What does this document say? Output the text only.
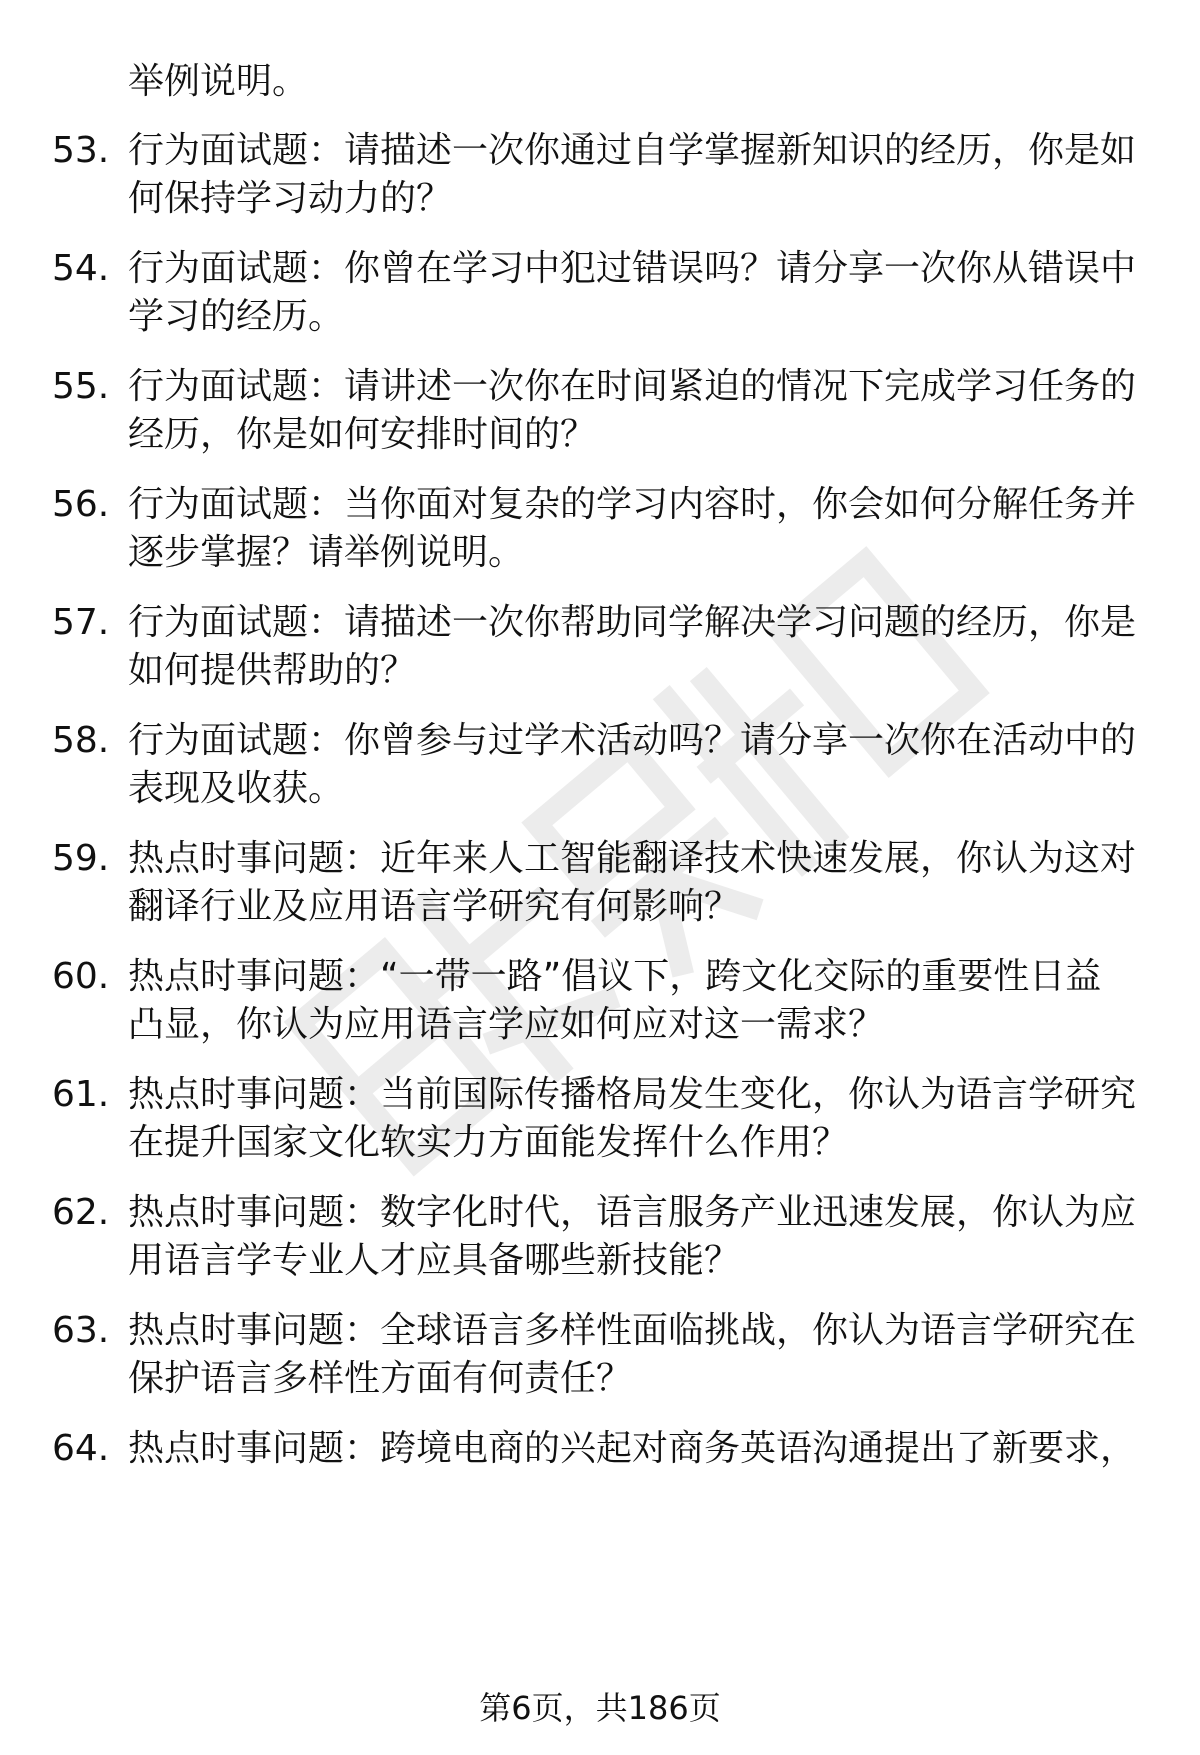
举例说明。

53. 行为面试题：请描述一次你通过自学掌握新知识的经历，你是如
何保持学习动力的？

54. 行为面试题：你曾在学习中犯过错误吗？请分享一次你从错误中
学习的经历。

55. 行为面试题：请讲述一次你在时间紧迫的情况下完成学习任务的
经历，你是如何安排时间的？

56. 行为面试题：当你面对复杂的学习内容时，你会如何分解任务并
逐步掌握？请举例说明。

57. 行为面试题：请描述一次你帮助同学解决学习问题的经历，你是
如何提供帮助的？

58. 行为面试题：你曾参与过学术活动吗？请分享一次你在活动中的
表现及收获。

59. 热点时事问题：近年来人工智能翻译技术快速发展，你认为这对
翻译行业及应用语言学研究有何影响？

60. 热点时事问题：“一带一路”倡议下，跨文化交际的重要性日益
凸显，你认为应用语言学应如何应对这一需求？

61. 热点时事问题：当前国际传播格局发生变化，你认为语言学研究
在提升国家文化软实力方面能发挥什么作用？

62. 热点时事问题：数字化时代，语言服务产业迅速发展，你认为应
用语言学专业人才应具备哪些新技能？

63. 热点时事问题：全球语言多样性面临挑战，你认为语言学研究在
保护语言多样性方面有何责任？

64. 热点时事问题：跨境电商的兴起对商务英语沟通提出了新要求，

第6页，共186页
